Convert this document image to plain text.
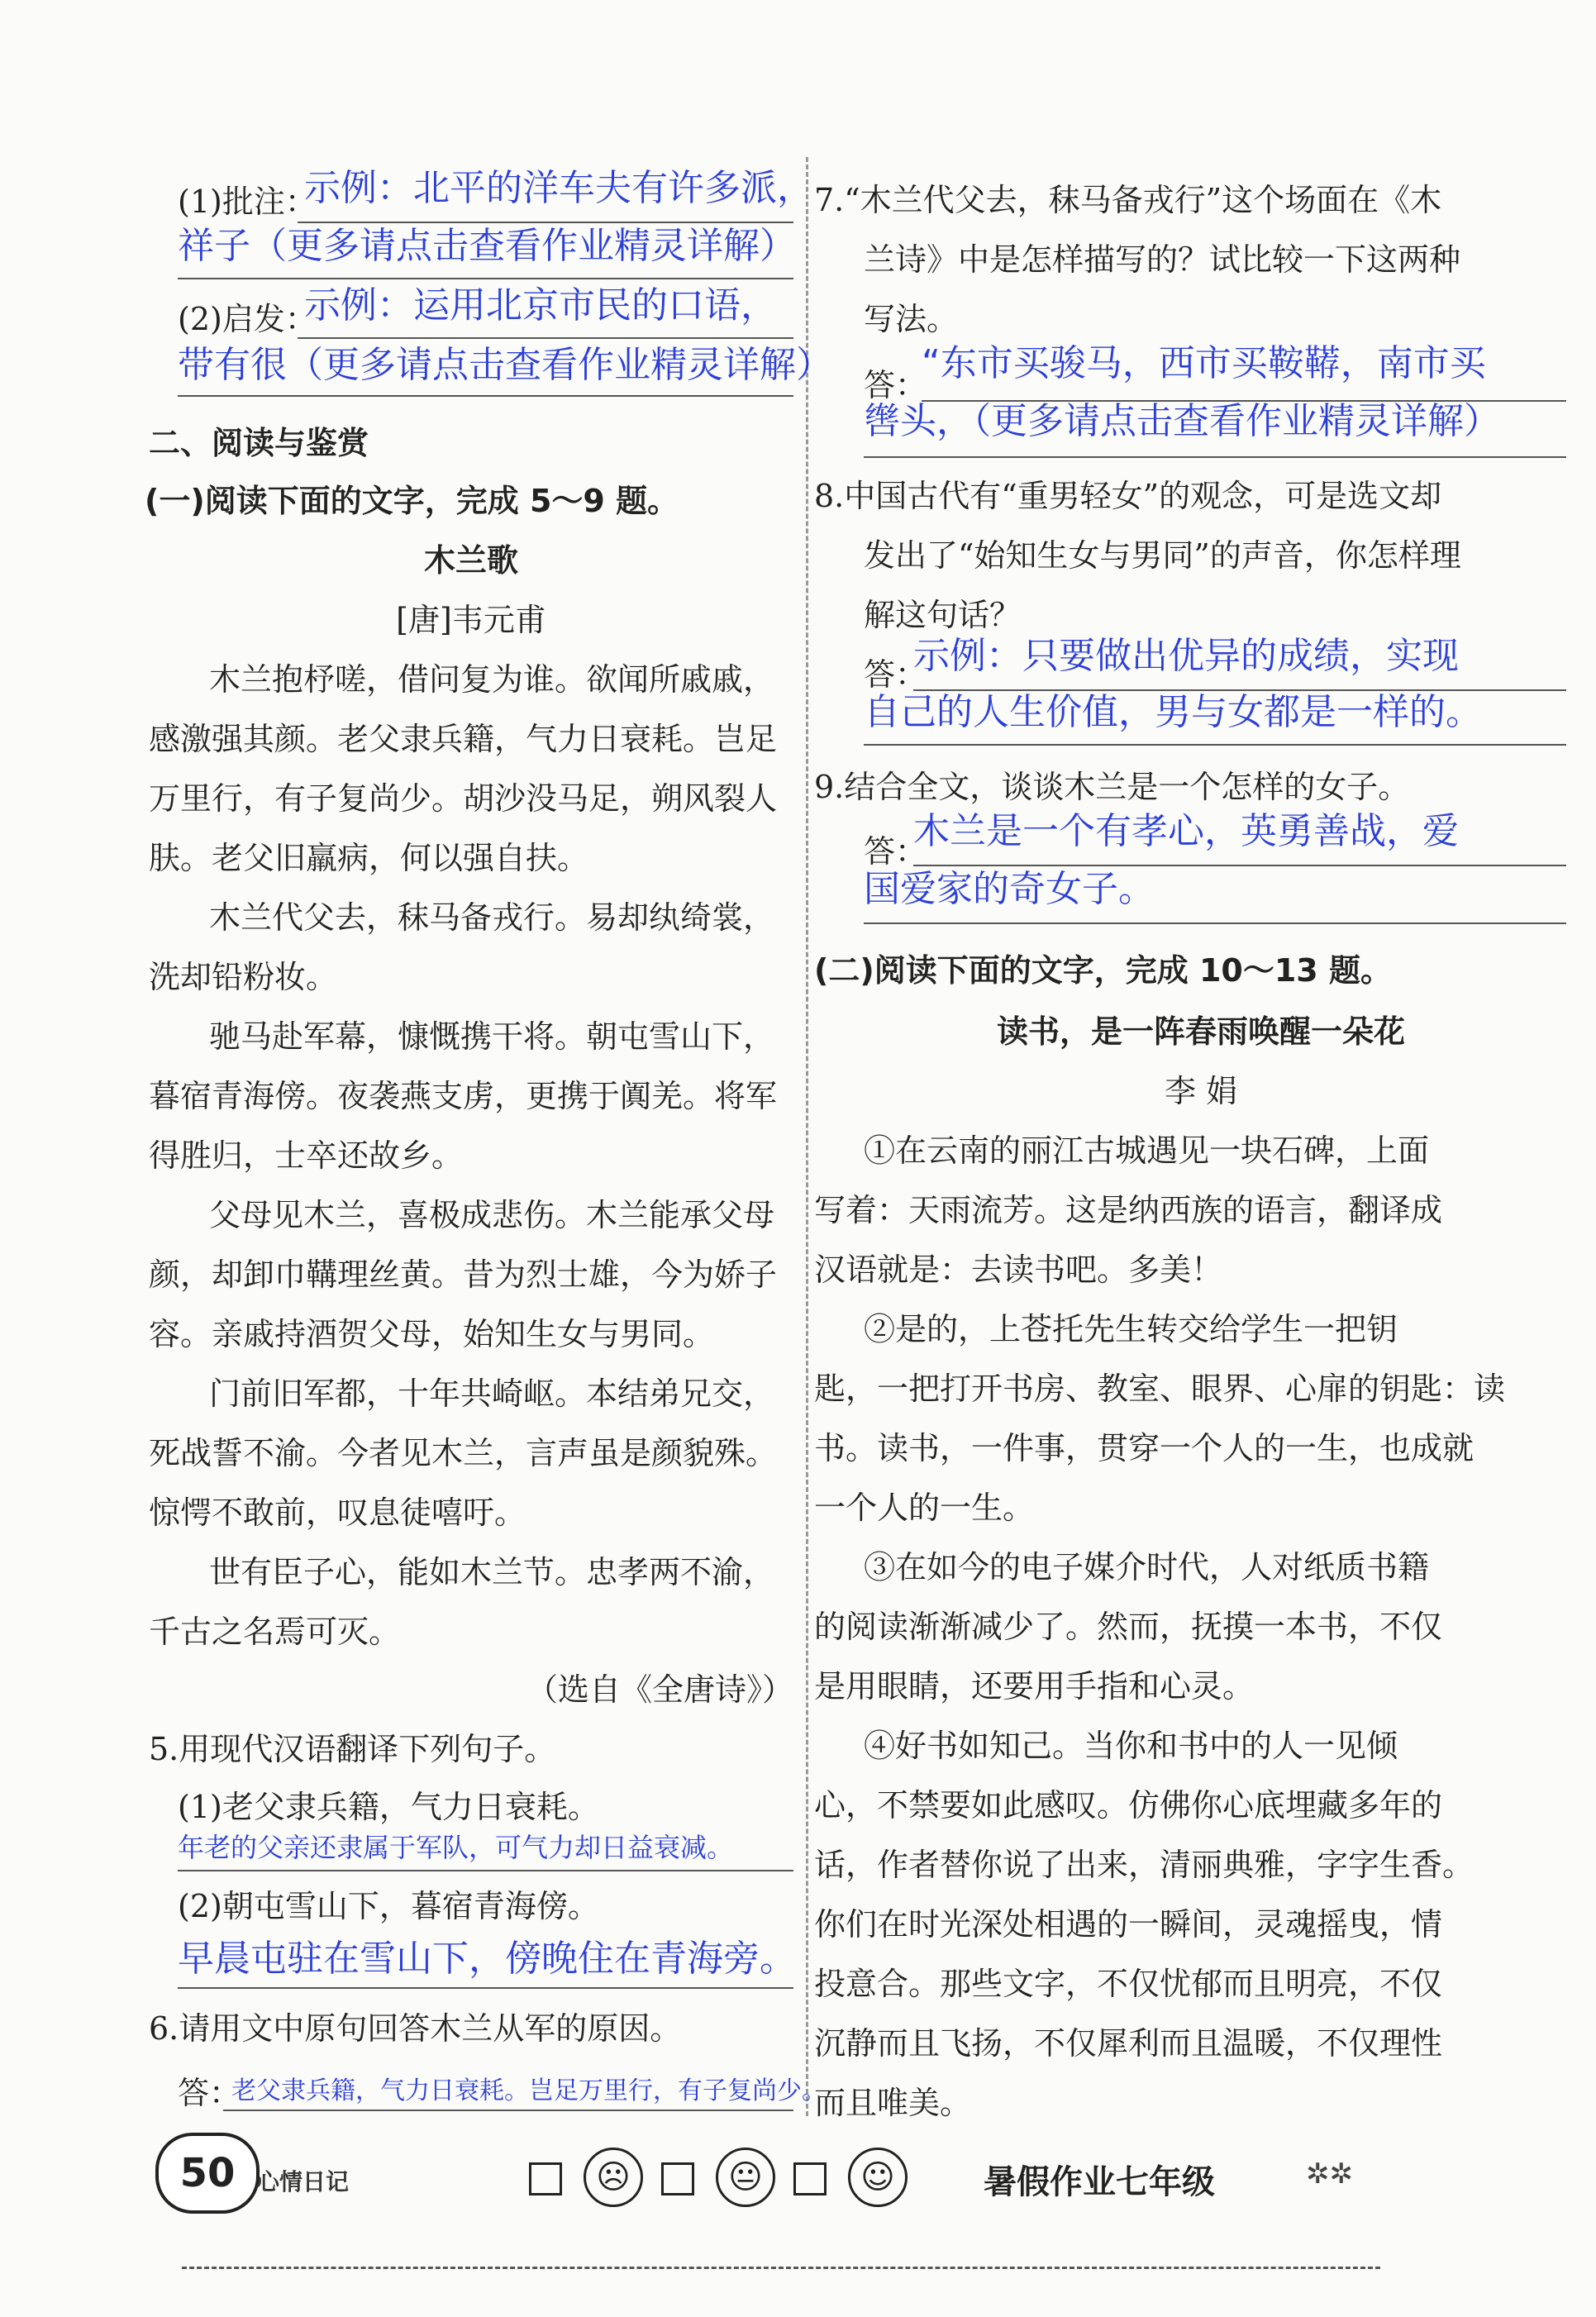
(1)批注：
示例：北平的洋车夫有许多派，
祥子（更多请点击查看作业精灵详解）
(2)启发：
示例：运用北京市民的口语，
带有很（更多请点击查看作业精灵详解）
二、阅读与鉴赏
(一)阅读下面的文字，完成 5～9 题。
木兰歌
[唐]韦元甫
木兰抱杼嗟，借问复为谁。欲闻所戚戚，
感激强其颜。老父隶兵籍，气力日衰耗。岂足
万里行，有子复尚少。胡沙没马足，朔风裂人
肤。老父旧羸病，何以强自扶。
木兰代父去，秣马备戎行。易却纨绮裳，
洗却铅粉妆。
驰马赴军幕，慷慨携干将。朝屯雪山下，
暮宿青海傍。夜袭燕支虏，更携于阗羌。将军
得胜归，士卒还故乡。
父母见木兰，喜极成悲伤。木兰能承父母
颜，却卸巾鞲理丝黄。昔为烈士雄，今为娇子
容。亲戚持酒贺父母，始知生女与男同。
门前旧军都，十年共崎岖。本结弟兄交，
死战誓不渝。今者见木兰，言声虽是颜貌殊。
惊愕不敢前，叹息徒嘻吁。
世有臣子心，能如木兰节。忠孝两不渝，
千古之名焉可灭。
（选自《全唐诗》）
5.用现代汉语翻译下列句子。
(1)老父隶兵籍，气力日衰耗。
年老的父亲还隶属于军队，可气力却日益衰减。
(2)朝屯雪山下，暮宿青海傍。
早晨屯驻在雪山下，傍晚住在青海旁。
6.请用文中原句回答木兰从军的原因。
答：
老父隶兵籍，气力日衰耗。岂足万里行，有子复尚少。
7.“木兰代父去，秣马备戎行”这个场面在《木
兰诗》中是怎样描写的？试比较一下这两种
写法。
答：
“东市买骏马，西市买鞍鞯，南市买
辔头，（更多请点击查看作业精灵详解）
8.中国古代有“重男轻女”的观念，可是选文却
发出了“始知生女与男同”的声音，你怎样理
解这句话？
答：
示例：只要做出优异的成绩，实现
自己的人生价值，男与女都是一样的。
9.结合全文，谈谈木兰是一个怎样的女子。
答：
木兰是一个有孝心，英勇善战，爱
国爱家的奇女子。
(二)阅读下面的文字，完成 10～13 题。
读书，是一阵春雨唤醒一朵花
李 娟
①在云南的丽江古城遇见一块石碑，上面
写着：天雨流芳。这是纳西族的语言，翻译成
汉语就是：去读书吧。多美！
②是的，上苍托先生转交给学生一把钥
匙，一把打开书房、教室、眼界、心扉的钥匙：读
书。读书，一件事，贯穿一个人的一生，也成就
一个人的一生。
③在如今的电子媒介时代，人对纸质书籍
的阅读渐渐减少了。然而，抚摸一本书，不仅
是用眼睛，还要用手指和心灵。
④好书如知己。当你和书中的人一见倾
心，不禁要如此感叹。仿佛你心底埋藏多年的
话，作者替你说了出来，清丽典雅，字字生香。
你们在时光深处相遇的一瞬间，灵魂摇曳，情
投意合。那些文字，不仅忧郁而且明亮，不仅
沉静而且飞扬，不仅犀利而且温暖，不仅理性
而且唯美。
50 心情日记	☹	😐	☺	暑假作业七年级	✲✲
